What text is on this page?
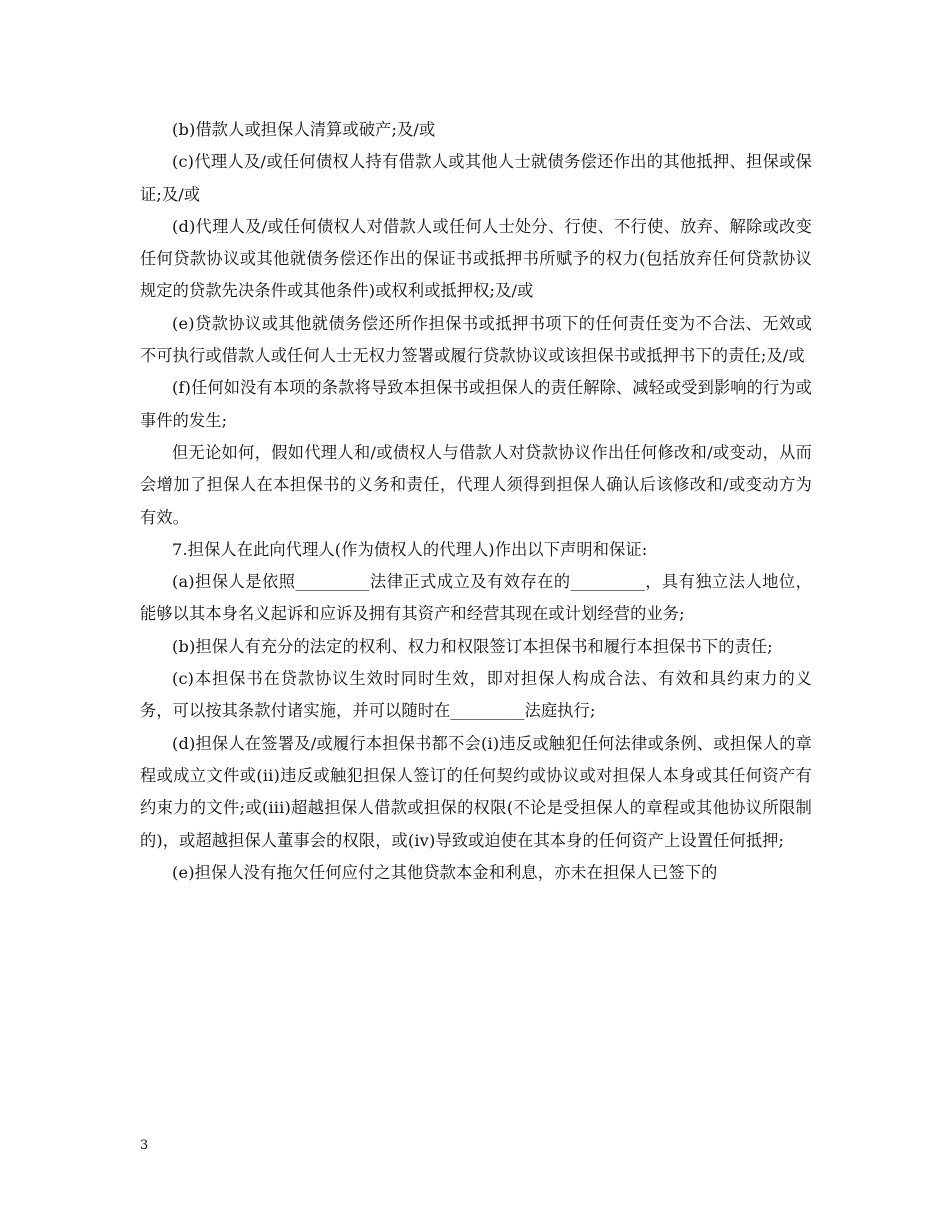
(b)借款人或担保人清算或破产;及/或

(c)代理人及/或任何债权人持有借款人或其他人士就债务偿还作出的其他抵押、担保或保证;及/或

(d)代理人及/或任何债权人对借款人或任何人士处分、行使、不行使、放弃、解除或改变任何贷款协议或其他就债务偿还作出的保证书或抵押书所赋予的权力(包括放弃任何贷款协议规定的贷款先决条件或其他条件)或权利或抵押权;及/或

(e)贷款协议或其他就债务偿还所作担保书或抵押书项下的任何责任变为不合法、无效或不可执行或借款人或任何人士无权力签署或履行贷款协议或该担保书或抵押书下的责任;及/或

(f)任何如没有本项的条款将导致本担保书或担保人的责任解除、减轻或受到影响的行为或事件的发生;

但无论如何，假如代理人和/或债权人与借款人对贷款协议作出任何修改和/或变动，从而会增加了担保人在本担保书的义务和责任，代理人须得到担保人确认后该修改和/或变动方为有效。

7.担保人在此向代理人(作为债权人的代理人)作出以下声明和保证:

(a)担保人是依照_________法律正式成立及有效存在的_________，具有独立法人地位，能够以其本身名义起诉和应诉及拥有其资产和经营其现在或计划经营的业务;

(b)担保人有充分的法定的权利、权力和权限签订本担保书和履行本担保书下的责任;

(c)本担保书在贷款协议生效时同时生效，即对担保人构成合法、有效和具约束力的义务，可以按其条款付诸实施，并可以随时在_________法庭执行;

(d)担保人在签署及/或履行本担保书都不会(i)违反或触犯任何法律或条例、或担保人的章程或成立文件或(ii)违反或触犯担保人签订的任何契约或协议或对担保人本身或其任何资产有约束力的文件;或(iii)超越担保人借款或担保的权限(不论是受担保人的章程或其他协议所限制的)，或超越担保人董事会的权限，或(iv)导致或迫使在其本身的任何资产上设置任何抵押;

(e)担保人没有拖欠任何应付之其他贷款本金和利息，亦未在担保人已签下的

3
